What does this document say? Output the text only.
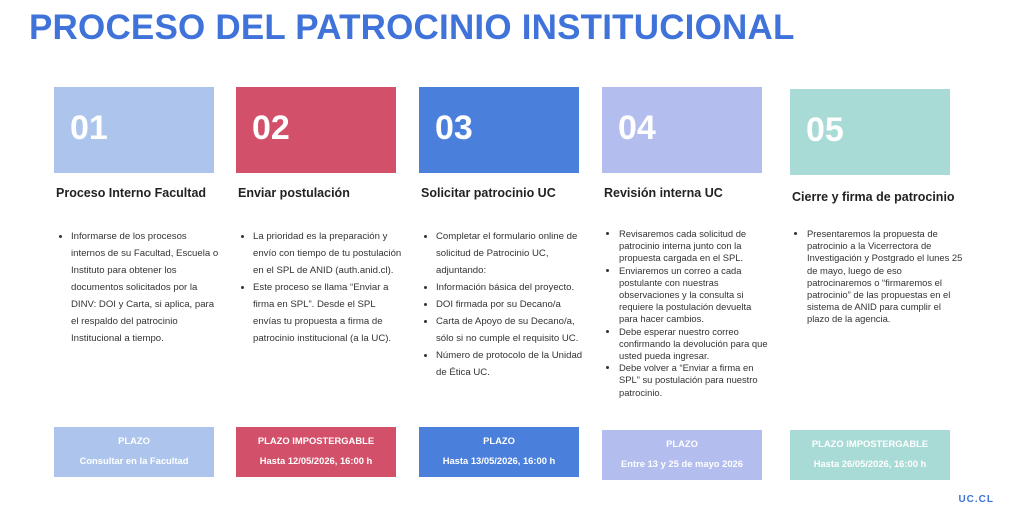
PROCESO DEL PATROCINIO INSTITUCIONAL
01
Proceso Interno Facultad
• Informarse de los procesos internos de su Facultad, Escuela o Instituto para obtener los documentos solicitados por la DINV: DOI y Carta, si aplica, para el respaldo del patrocinio Institucional a tiempo.
PLAZO
Consultar en la Facultad
02
Enviar postulación
• La prioridad es la preparación y envío con tiempo de tu postulación en el SPL de ANID (auth.anid.cl).
• Este proceso se llama “Enviar a firma en SPL”. Desde el SPL envías tu propuesta a firma de patrocinio institucional (a la UC).
PLAZO IMPOSTERGABLE
Hasta 12/05/2026, 16:00 h
03
Solicitar patrocinio UC
• Completar el formulario online de solicitud de Patrocinio UC, adjuntando:
• Información básica del proyecto.
• DOI firmada por su Decano/a
• Carta de Apoyo de su Decano/a, sólo si no cumple el requisito UC.
• Número de protocolo de la Unidad de Ética UC.
PLAZO
Hasta 13/05/2026, 16:00 h
04
Revisión interna UC
• Revisaremos cada solicitud de patrocinio interna junto con la propuesta cargada en el SPL.
• Enviaremos un correo a cada postulante con nuestras observaciones y la consulta si requiere la postulación devuelta para hacer cambios.
• Debe esperar nuestro correo confirmando la devolución para que usted pueda ingresar.
• Debe volver a “Enviar a firma en SPL” su postulación para nuestro patrocinio.
PLAZO
Entre 13 y 25 de mayo 2026
05
Cierre y firma de patrocinio
• Presentaremos la propuesta de patrocinio a la Vicerrectora de Investigación y Postgrado el lunes 25 de mayo, luego de eso patrocinaremos o “firmaremos el patrocinio” de las propuestas en el sistema de ANID para cumplir el plazo de la agencia.
PLAZO IMPOSTERGABLE
Hasta 26/05/2026, 16:00 h
UC.CL
